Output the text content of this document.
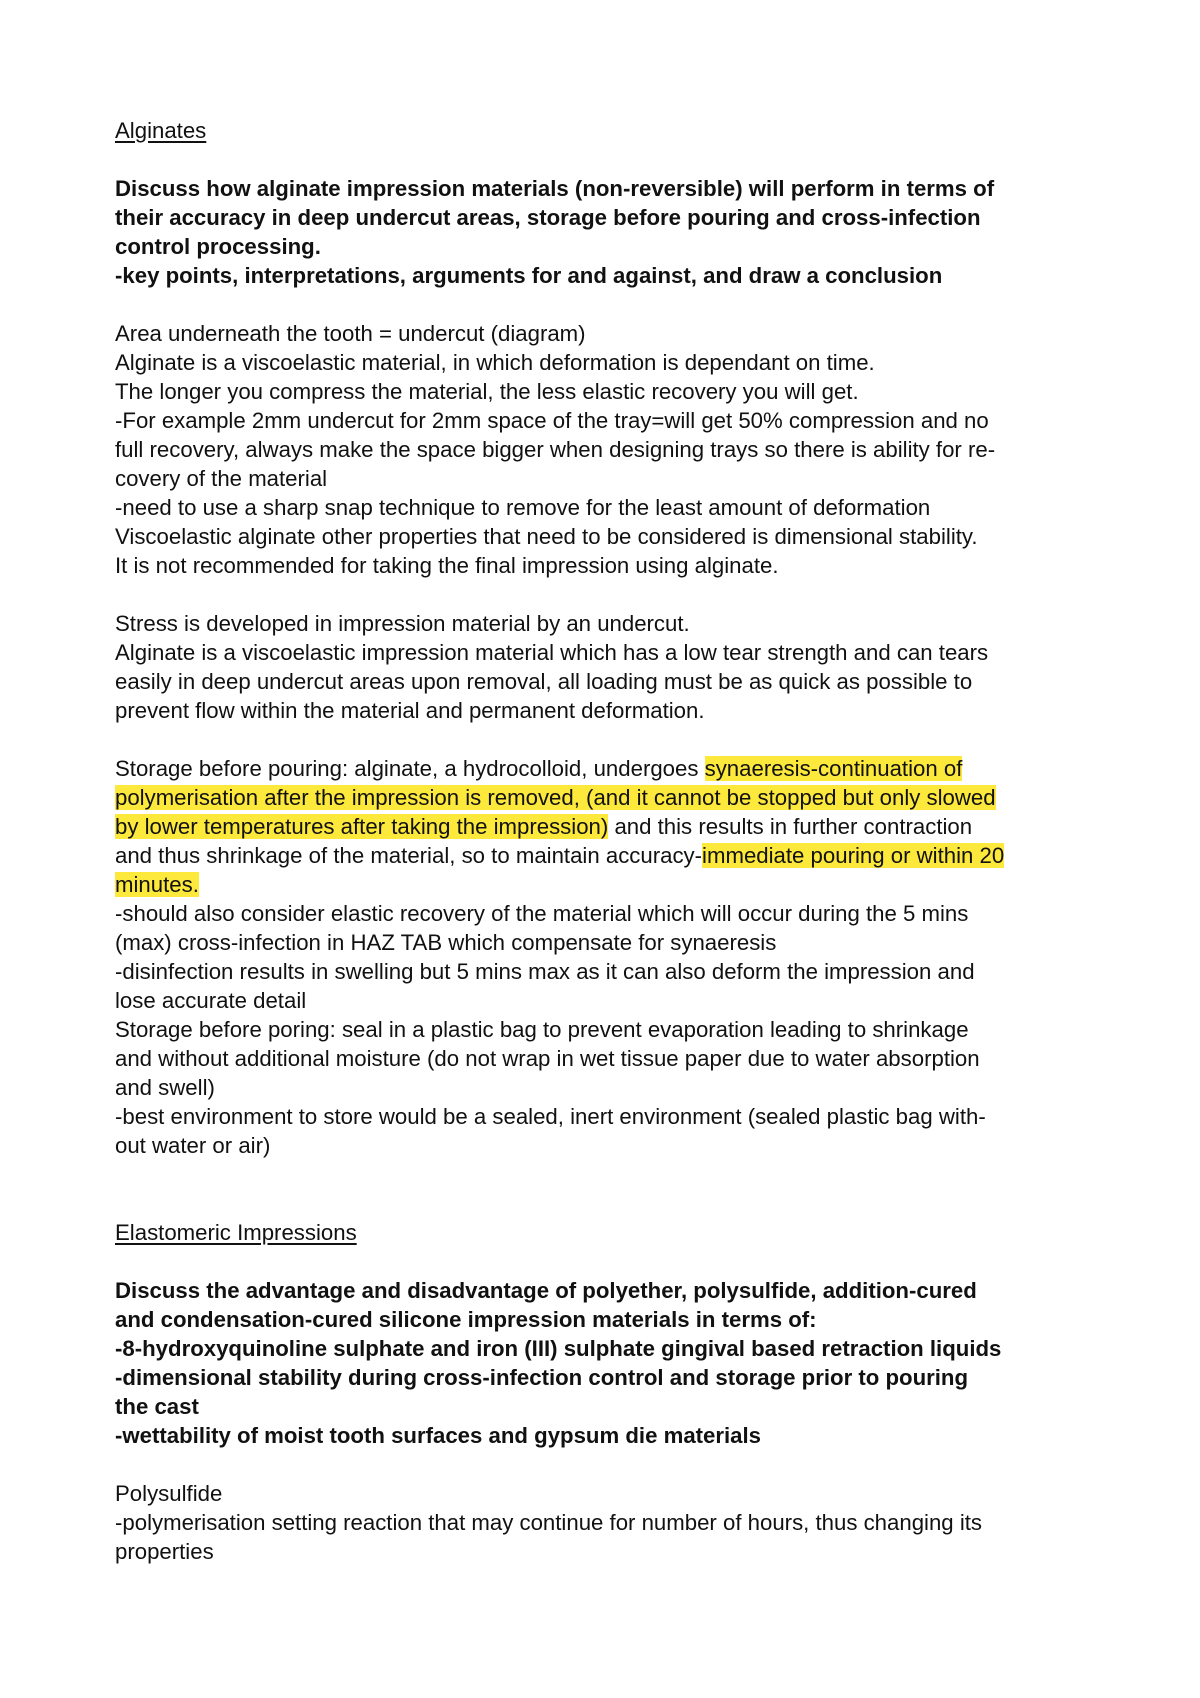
Alginates
Discuss how alginate impression materials (non-reversible) will perform in terms of
their accuracy in deep undercut areas, storage before pouring and cross-infection
control processing.
-key points, interpretations, arguments for and against, and draw a conclusion
Area underneath the tooth = undercut (diagram)
Alginate is a viscoelastic material, in which deformation is dependant on time.
The longer you compress the material, the less elastic recovery you will get.
-For example 2mm undercut for 2mm space of the tray=will get 50% compression and no
full recovery, always make the space bigger when designing trays so there is ability for re-
covery of the material
-need to use a sharp snap technique to remove for the least amount of deformation
Viscoelastic alginate other properties that need to be considered is dimensional stability.
It is not recommended for taking the final impression using alginate.
Stress is developed in impression material by an undercut.
Alginate is a viscoelastic impression material which has a low tear strength and can tears
easily in deep undercut areas upon removal, all loading must be as quick as possible to
prevent flow within the material and permanent deformation.
Storage before pouring: alginate, a hydrocolloid, undergoes synaeresis-continuation of
polymerisation after the impression is removed, (and it cannot be stopped but only slowed
by lower temperatures after taking the impression) and this results in further contraction
and thus shrinkage of the material, so to maintain accuracy-immediate pouring or within 20
minutes.
-should also consider elastic recovery of the material which will occur during the 5 mins
(max) cross-infection in HAZ TAB which compensate for synaeresis
-disinfection results in swelling but 5 mins max as it can also deform the impression and
lose accurate detail
Storage before poring: seal in a plastic bag to prevent evaporation leading to shrinkage
and without additional moisture (do not wrap in wet tissue paper due to water absorption
and swell)
-best environment to store would be a sealed, inert environment (sealed plastic bag with-
out water or air)
Elastomeric Impressions
Discuss the advantage and disadvantage of polyether, polysulfide, addition-cured
and condensation-cured silicone impression materials in terms of:
-8-hydroxyquinoline sulphate and iron (III) sulphate gingival based retraction liquids
-dimensional stability during cross-infection control and storage prior to pouring
the cast
-wettability of moist tooth surfaces and gypsum die materials
Polysulfide
-polymerisation setting reaction that may continue for number of hours, thus changing its
properties
